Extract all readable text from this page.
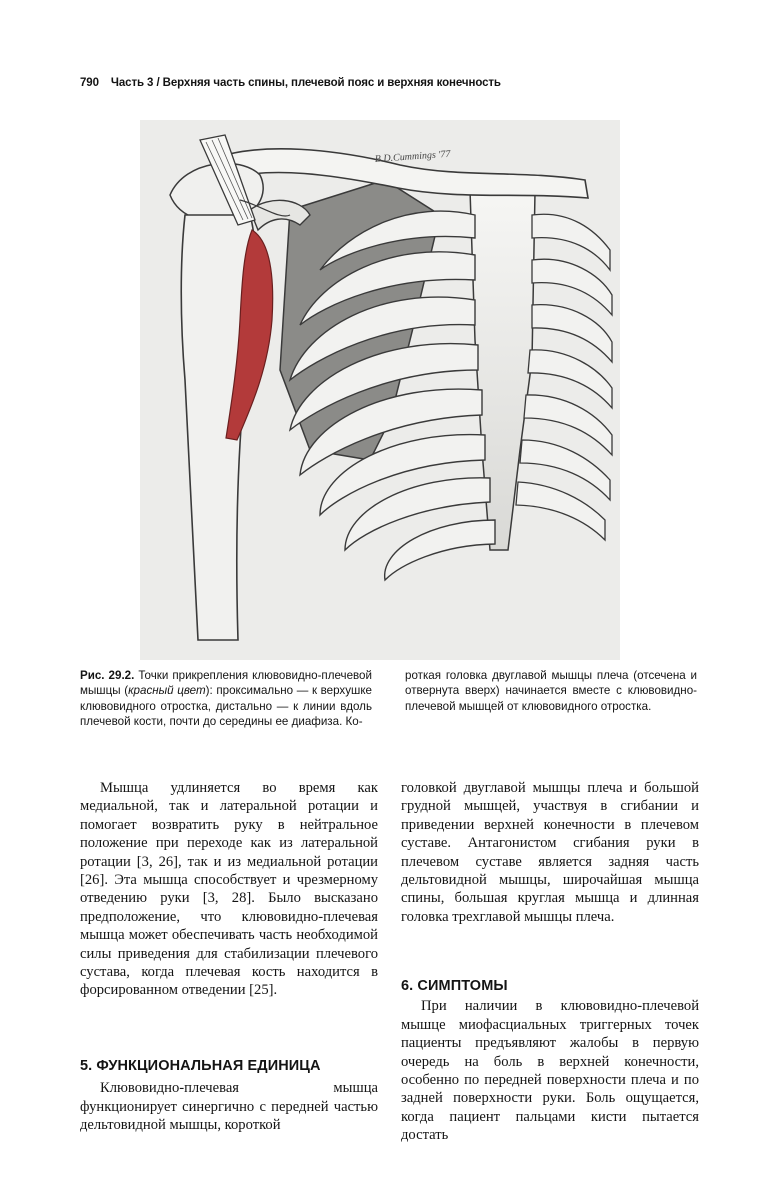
790 Часть 3 / Верхняя часть спины, плечевой пояс и верхняя конечность
B.D.Cummings '77
Рис. 29.2. Точки прикрепления клювовидно-плечевой мышцы (красный цвет): проксимально — к верхушке клювовидного отростка, дистально — к линии вдоль плечевой кости, почти до середины ее диафиза. Ко-
роткая головка двуглавой мышцы плеча (отсечена и отвернута вверх) начинается вместе с клювовидно-плечевой мышцей от клювовидного отростка.

Мышца удлиняется во время как медиальной, так и латеральной ротации и помогает возвратить руку в нейтральное положение при переходе как из латеральной ротации [3, 26], так и из медиальной ротации [26]. Эта мышца способствует и чрезмерному отведению руки [3, 28]. Было высказано предположение, что клювовидно-плечевая мышца может обеспечивать часть необходимой силы приведения для стабилизации плечевого сустава, когда плечевая кость находится в форсированном отведении [25].

5. ФУНКЦИОНАЛЬНАЯ ЕДИНИЦА

Клювовидно-плечевая мышца функционирует синергично с передней частью дельтовидной мышцы, короткой

головкой двуглавой мышцы плеча и большой грудной мышцей, участвуя в сгибании и приведении верхней конечности в плечевом суставе. Антагонистом сгибания руки в плечевом суставе является задняя часть дельтовидной мышцы, широчайшая мышца спины, большая круглая мышца и длинная головка трехглавой мышцы плеча.

6. СИМПТОМЫ

При наличии в клювовидно-плечевой мышце миофасциальных триггерных точек пациенты предъявляют жалобы в первую очередь на боль в верхней конечности, особенно по передней поверхности плеча и по задней поверхности руки. Боль ощущается, когда пациент пальцами кисти пытается достать
